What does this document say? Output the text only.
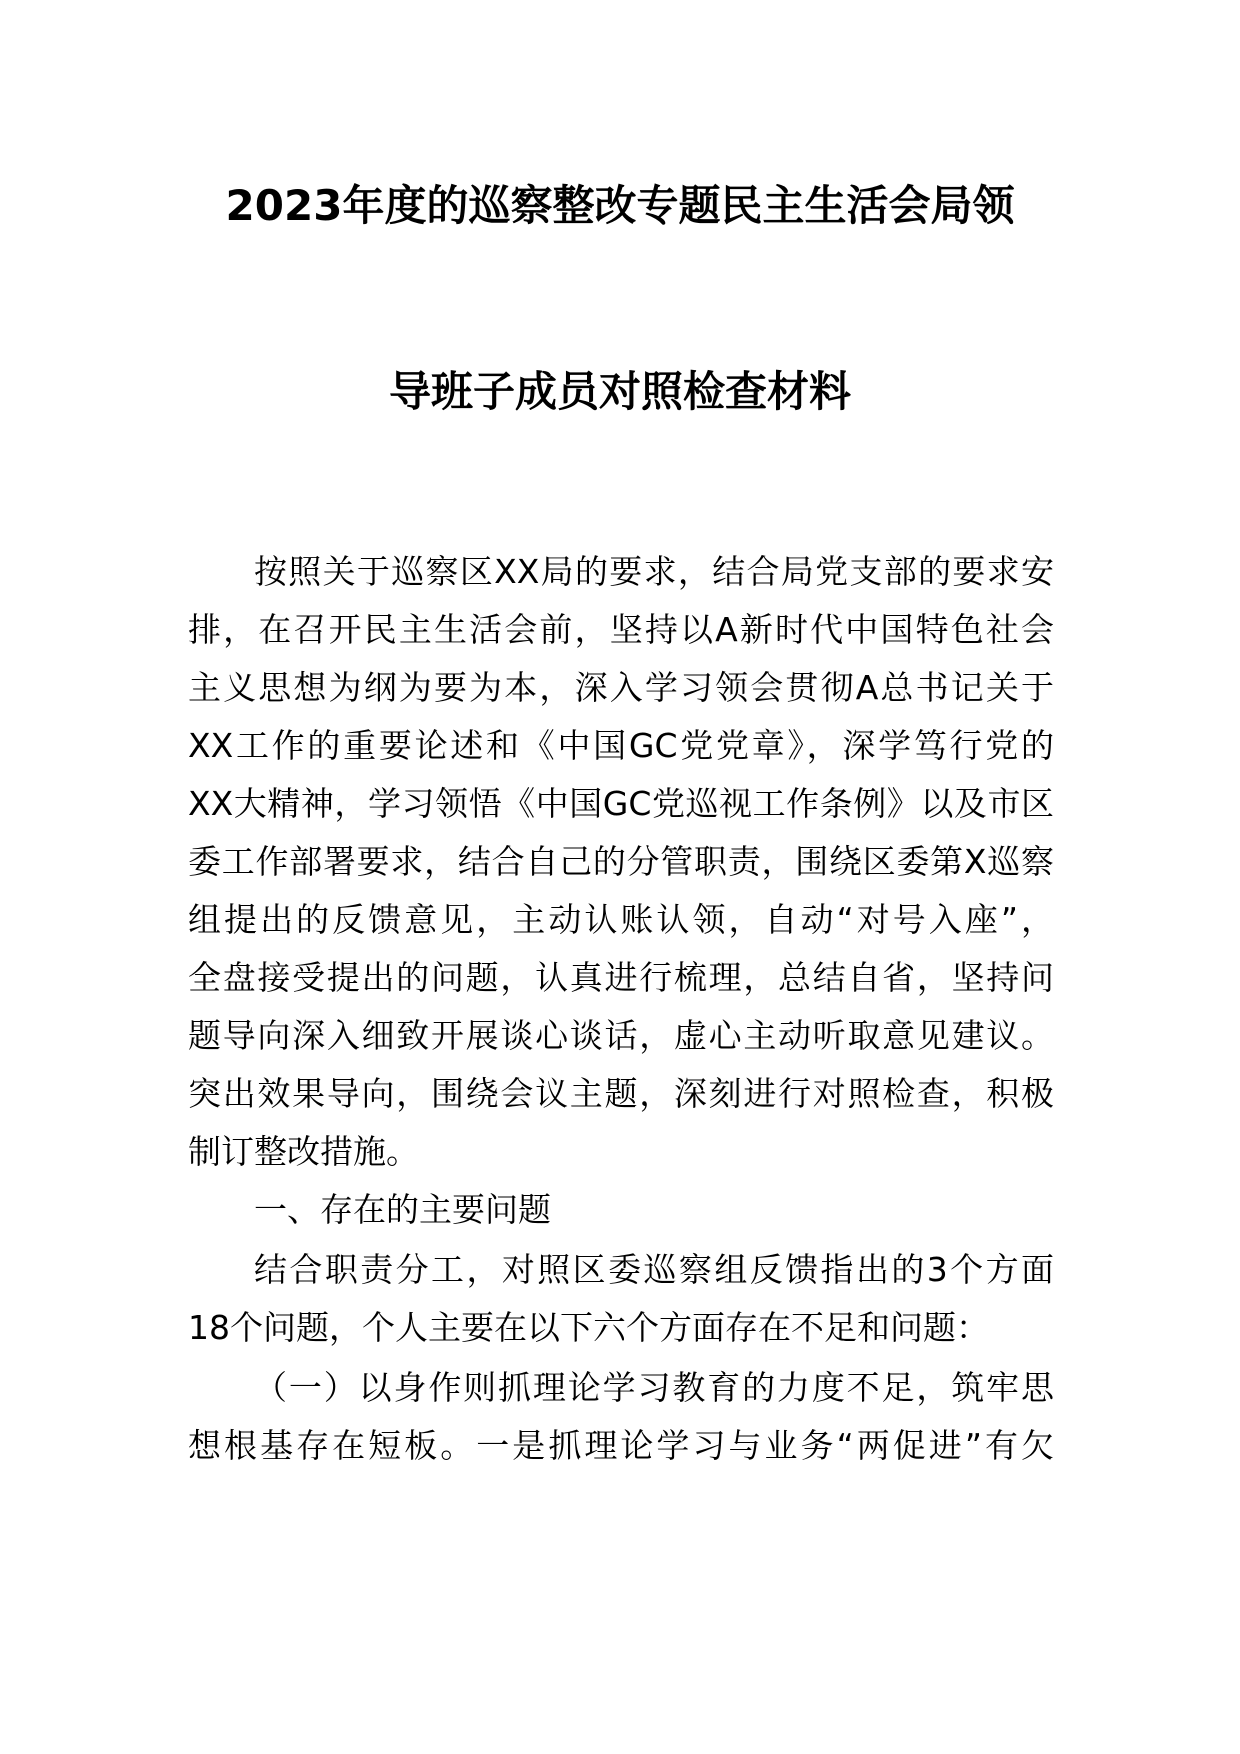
2023年度的巡察整改专题民主生活会局领
导班子成员对照检查材料
按照关于巡察区XX局的要求，结合局党支部的要求安
排，在召开民主生活会前，坚持以A新时代中国特色社会
主义思想为纲为要为本，深入学习领会贯彻A总书记关于
XX工作的重要论述和《中国GC党党章》，深学笃行党的
XX大精神，学习领悟《中国GC党巡视工作条例》以及市区
委工作部署要求，结合自己的分管职责，围绕区委第X巡察
组提出的反馈意见，主动认账认领，自动“对号入座”，
全盘接受提出的问题，认真进行梳理，总结自省，坚持问
题导向深入细致开展谈心谈话，虚心主动听取意见建议。
突出效果导向，围绕会议主题，深刻进行对照检查，积极
制订整改措施。
一、存在的主要问题
结合职责分工，对照区委巡察组反馈指出的3个方面
18个问题，个人主要在以下六个方面存在不足和问题：
（一）以身作则抓理论学习教育的力度不足，筑牢思
想根基存在短板。一是抓理论学习与业务“两促进”有欠
